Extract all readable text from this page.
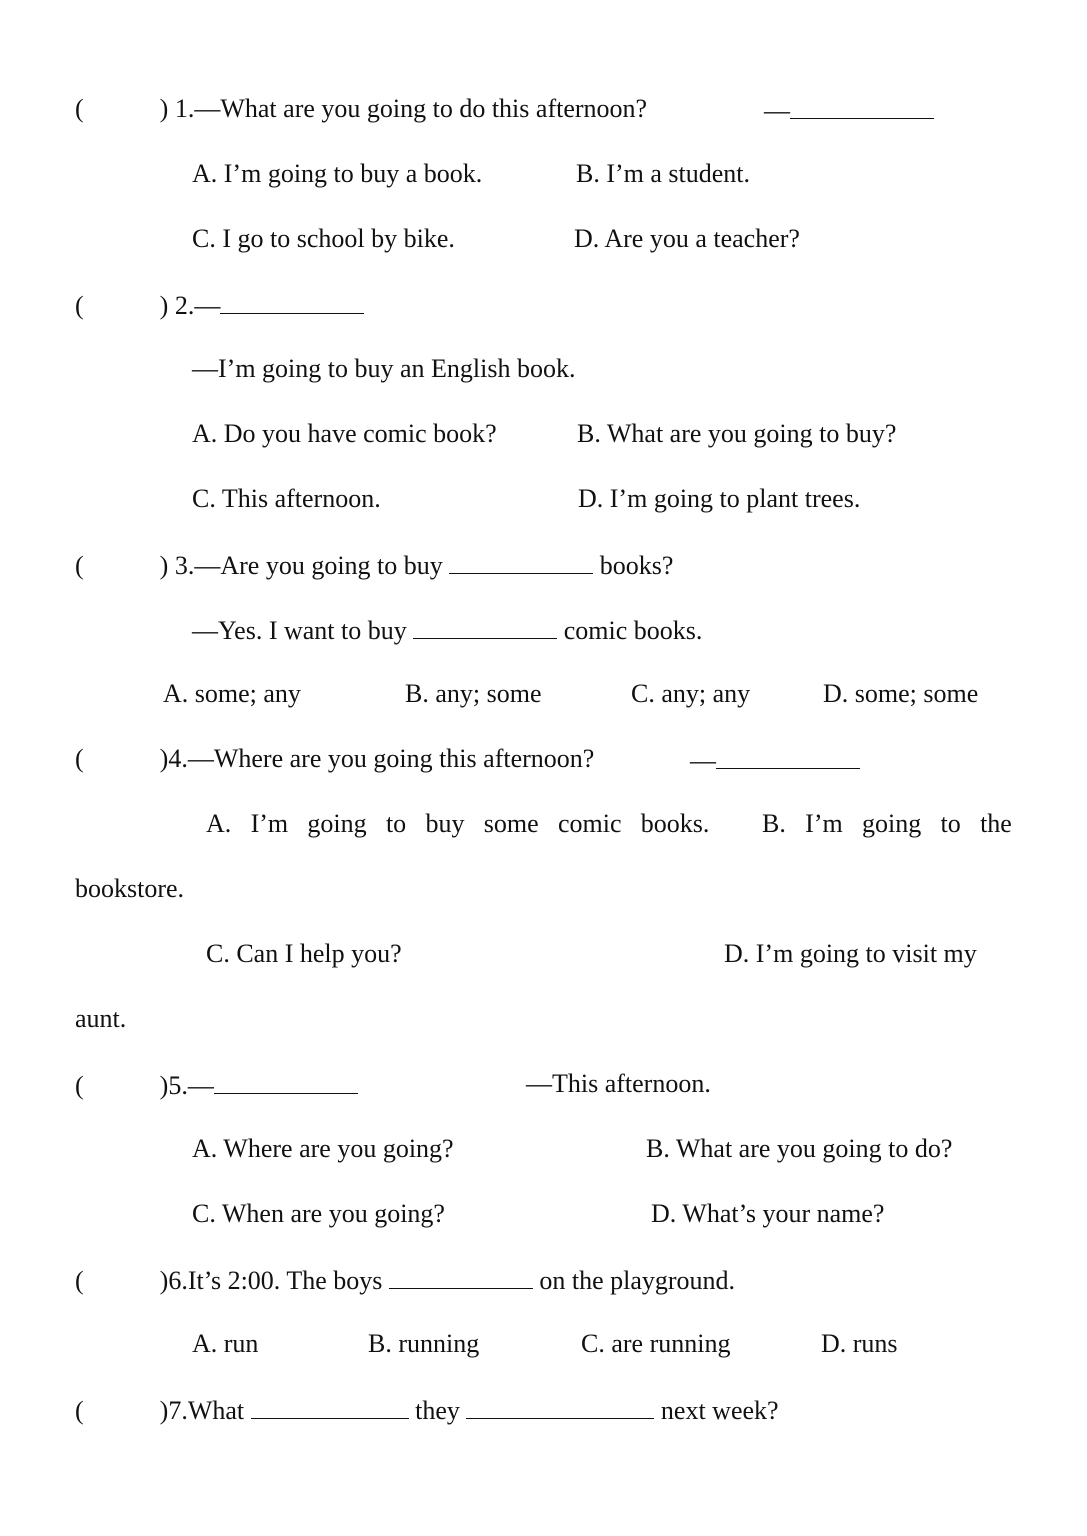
(	) 1.—What are you going to do this afternoon?	—
A. I’m going to buy a book.	B. I’m a student.
C. I go to school by bike.	D. Are you a teacher?
(	) 2.—
—I’m going to buy an English book.
A. Do you have comic book?	B. What are you going to buy?
C. This afternoon.	D. I’m going to plant trees.
(	) 3.—Are you going to buy	books?
—Yes. I want to buy	comic books.
A. some; any	B. any; some	C. any; any	D. some; some
(	)4.—Where are you going this afternoon?	—
A. I’m going to buy some comic books. B. I’m going to the
bookstore.
C. Can I help you?	D. I’m going to visit my
aunt.
(	)5.—	—This afternoon.
A. Where are you going?	B. What are you going to do?
C. When are you going?	D. What’s your name?
(	)6.It’s 2:00. The boys	on the playground.
A. run	B. running	C. are running	D. runs
(	)7.What	they	next week?
